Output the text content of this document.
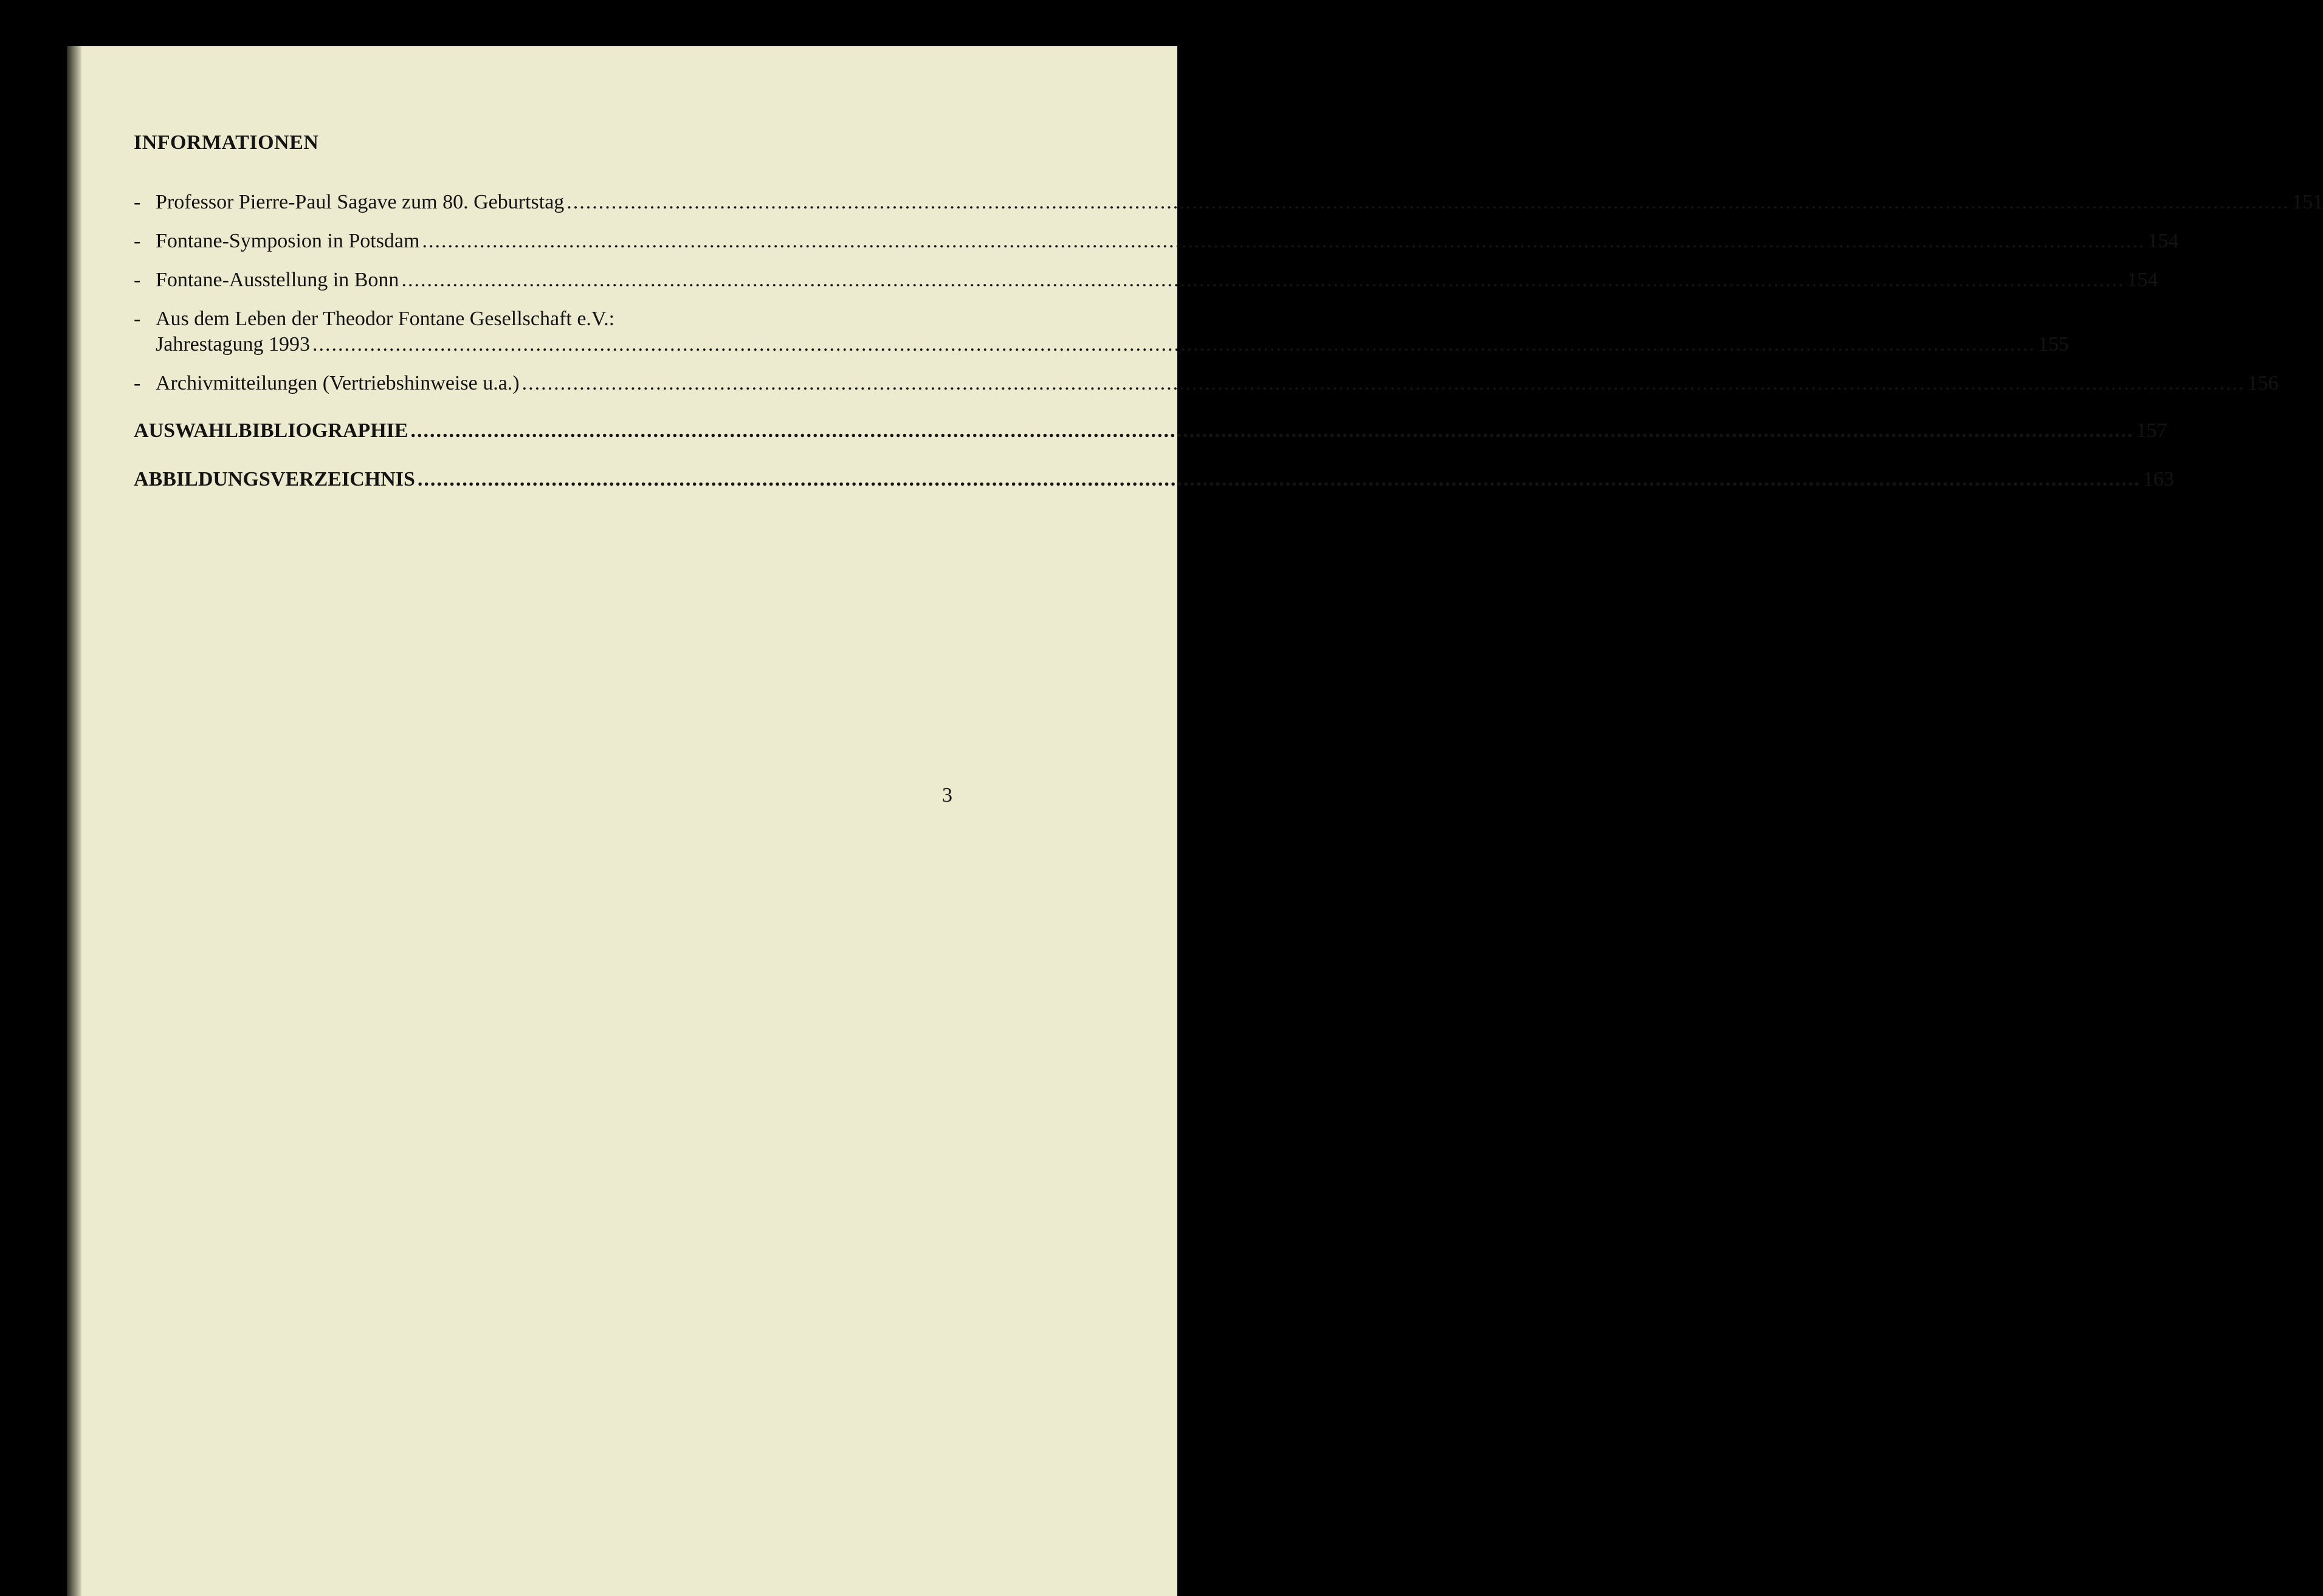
INFORMATIONEN
- Professor Pierre-Paul Sagave zum 80. Geburtstag .....	151
- Fontane-Symposion in Potsdam .....	154
- Fontane-Ausstellung in Bonn .....	154
- Aus dem Leben der Theodor Fontane Gesellschaft e.V.:
Jahrestagung 1993 .....	155
- Archivmitteilungen (Vertriebshinweise u.a.) .....	156
AUSWAHLBIBLIOGRAPHIE .....	157
ABBILDUNGSVERZEICHNIS .....	163
3
